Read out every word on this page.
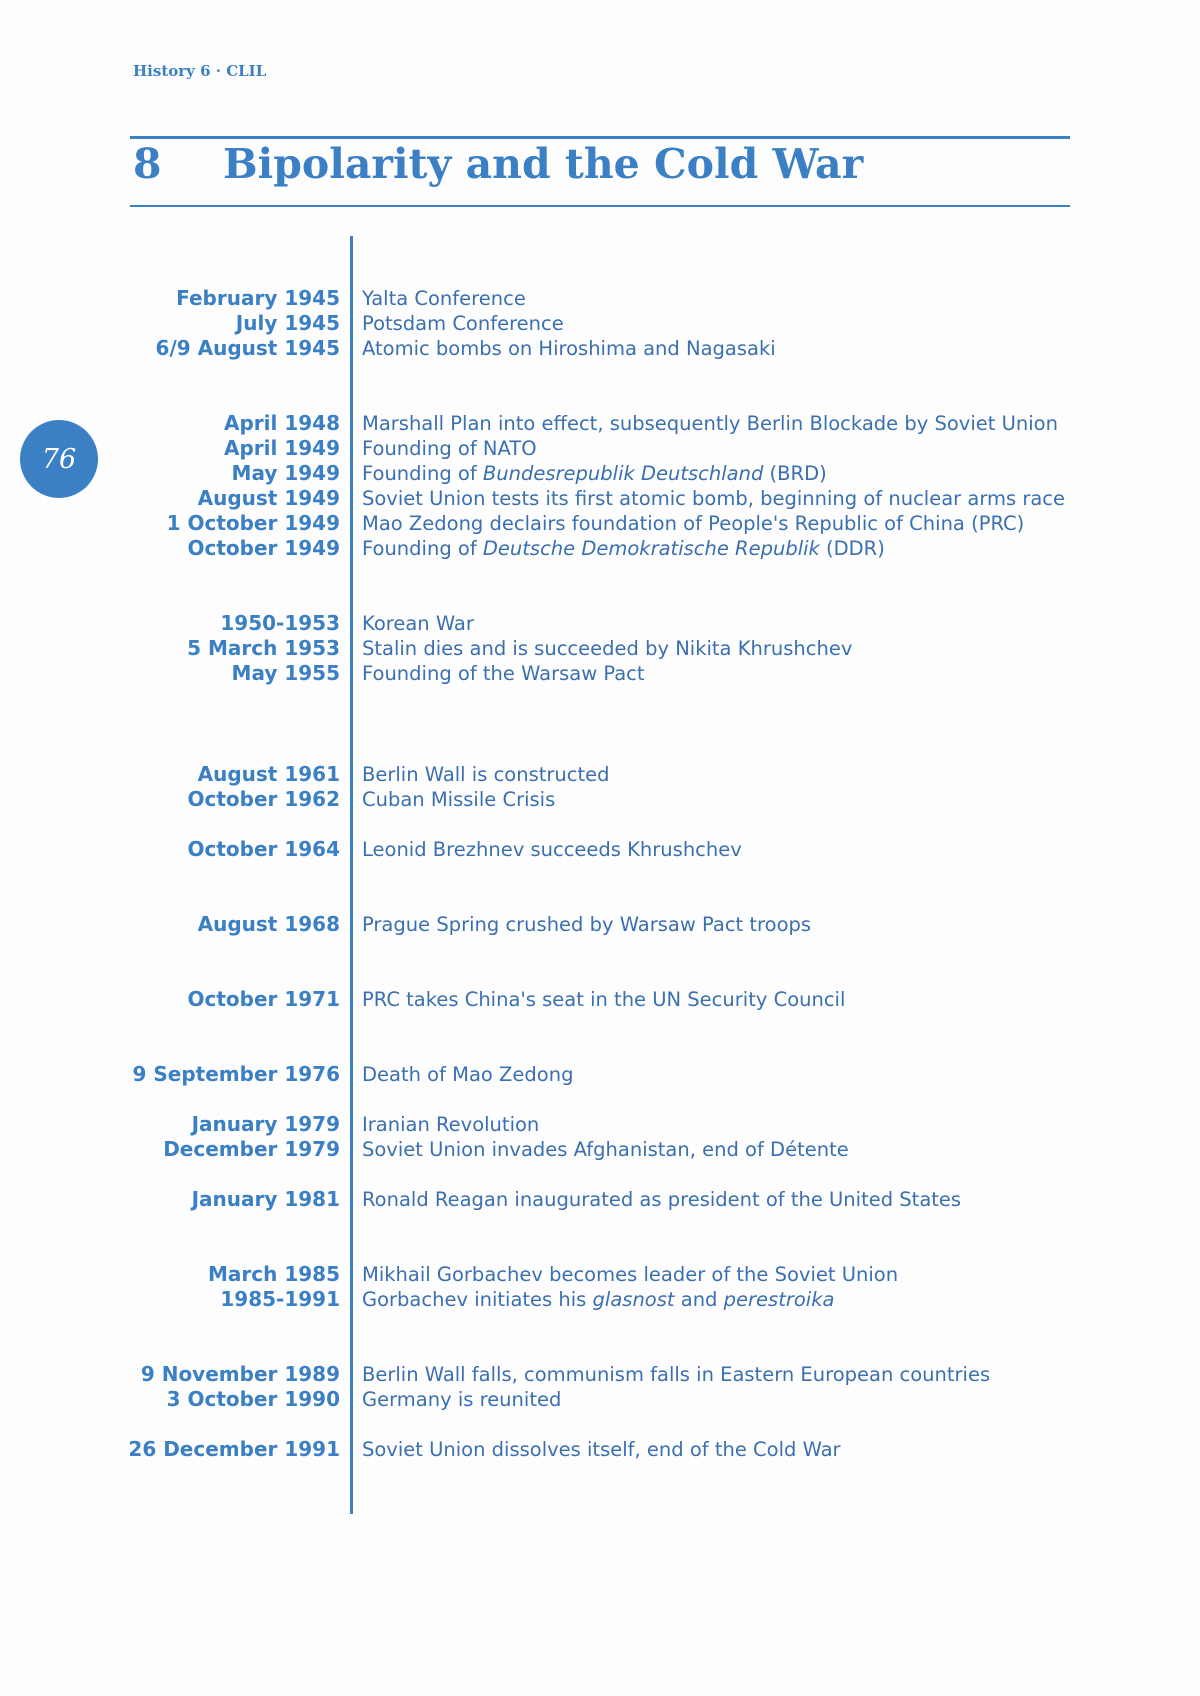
History 6 · CLIL
8 Bipolarity and the Cold War
76
February 1945 Yalta Conference
July 1945 Potsdam Conference
6/9 August 1945 Atomic bombs on Hiroshima and Nagasaki
April 1948 Marshall Plan into effect, subsequently Berlin Blockade by Soviet Union
April 1949 Founding of NATO
May 1949 Founding of Bundesrepublik Deutschland (BRD)
August 1949 Soviet Union tests its first atomic bomb, beginning of nuclear arms race
1 October 1949 Mao Zedong declairs foundation of People's Republic of China (PRC)
October 1949 Founding of Deutsche Demokratische Republik (DDR)
1950-1953 Korean War
5 March 1953 Stalin dies and is succeeded by Nikita Khrushchev
May 1955 Founding of the Warsaw Pact
August 1961 Berlin Wall is constructed
October 1962 Cuban Missile Crisis
October 1964 Leonid Brezhnev succeeds Khrushchev
August 1968 Prague Spring crushed by Warsaw Pact troops
October 1971 PRC takes China's seat in the UN Security Council
9 September 1976 Death of Mao Zedong
January 1979 Iranian Revolution
December 1979 Soviet Union invades Afghanistan, end of Détente
January 1981 Ronald Reagan inaugurated as president of the United States
March 1985 Mikhail Gorbachev becomes leader of the Soviet Union
1985-1991 Gorbachev initiates his glasnost and perestroika
9 November 1989 Berlin Wall falls, communism falls in Eastern European countries
3 October 1990 Germany is reunited
26 December 1991 Soviet Union dissolves itself, end of the Cold War
